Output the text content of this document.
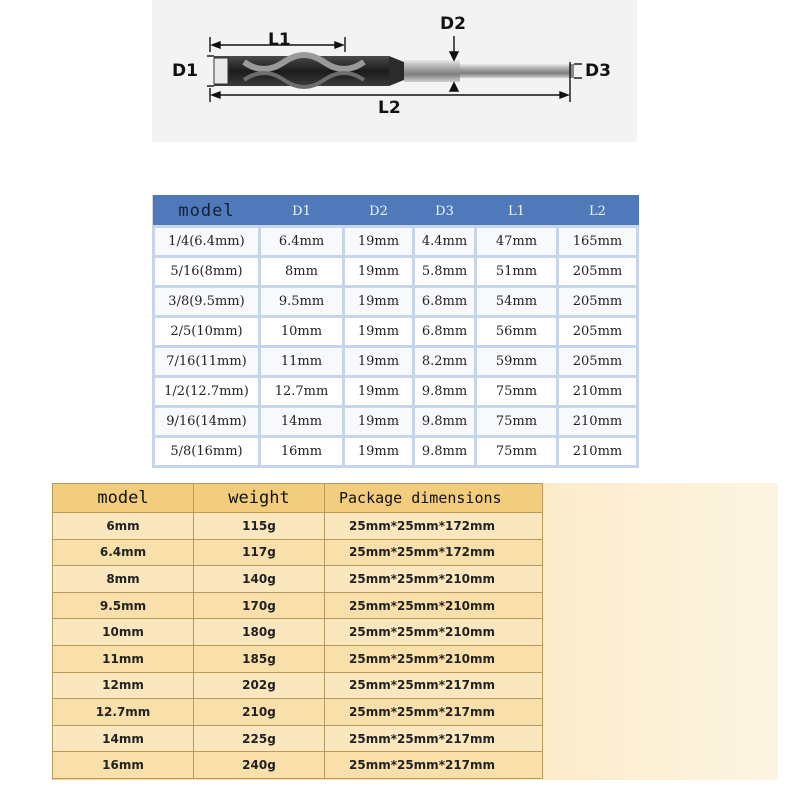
L1
L2
D1
D2
D3
model	D1	D2	D3	L1	L2
1/4(6.4mm)	6.4mm	19mm	4.4mm	47mm	165mm
5/16(8mm)	8mm	19mm	5.8mm	51mm	205mm
3/8(9.5mm)	9.5mm	19mm	6.8mm	54mm	205mm
2/5(10mm)	10mm	19mm	6.8mm	56mm	205mm
7/16(11mm)	11mm	19mm	8.2mm	59mm	205mm
1/2(12.7mm)	12.7mm	19mm	9.8mm	75mm	210mm
9/16(14mm)	14mm	19mm	9.8mm	75mm	210mm
5/8(16mm)	16mm	19mm	9.8mm	75mm	210mm
model	weight	Package dimensions
6mm	115g	25mm*25mm*172mm
6.4mm	117g	25mm*25mm*172mm
8mm	140g	25mm*25mm*210mm
9.5mm	170g	25mm*25mm*210mm
10mm	180g	25mm*25mm*210mm
11mm	185g	25mm*25mm*210mm
12mm	202g	25mm*25mm*217mm
12.7mm	210g	25mm*25mm*217mm
14mm	225g	25mm*25mm*217mm
16mm	240g	25mm*25mm*217mm
